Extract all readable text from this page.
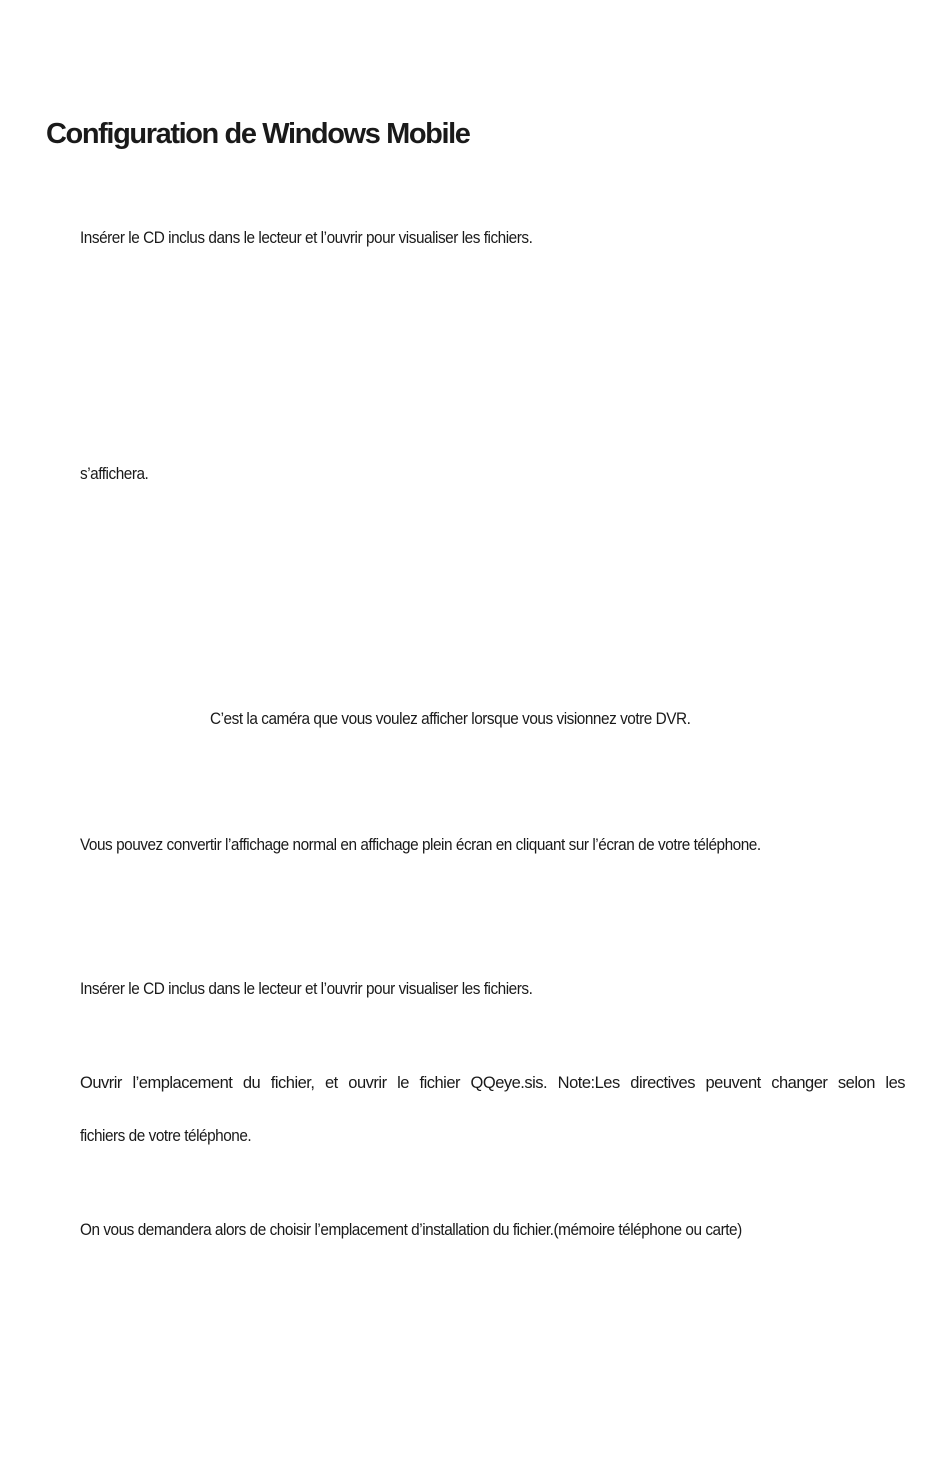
Configuration de Windows Mobile

Insérer le CD inclus dans le lecteur et l’ouvrir pour visualiser les fichiers.

s’affichera.

C’est la caméra que vous voulez afficher lorsque vous visionnez votre DVR.

Vous pouvez convertir l’affichage normal en affichage plein écran en cliquant sur l’écran de votre téléphone.

Insérer le CD inclus dans le lecteur et l’ouvrir pour visualiser les fichiers.

Ouvrir l’emplacement du fichier, et ouvrir le fichier QQeye.sis. Note:Les directives peuvent changer selon les

fichiers de votre téléphone.

On vous demandera alors de choisir l’emplacement d’installation du fichier.(mémoire téléphone ou carte)
